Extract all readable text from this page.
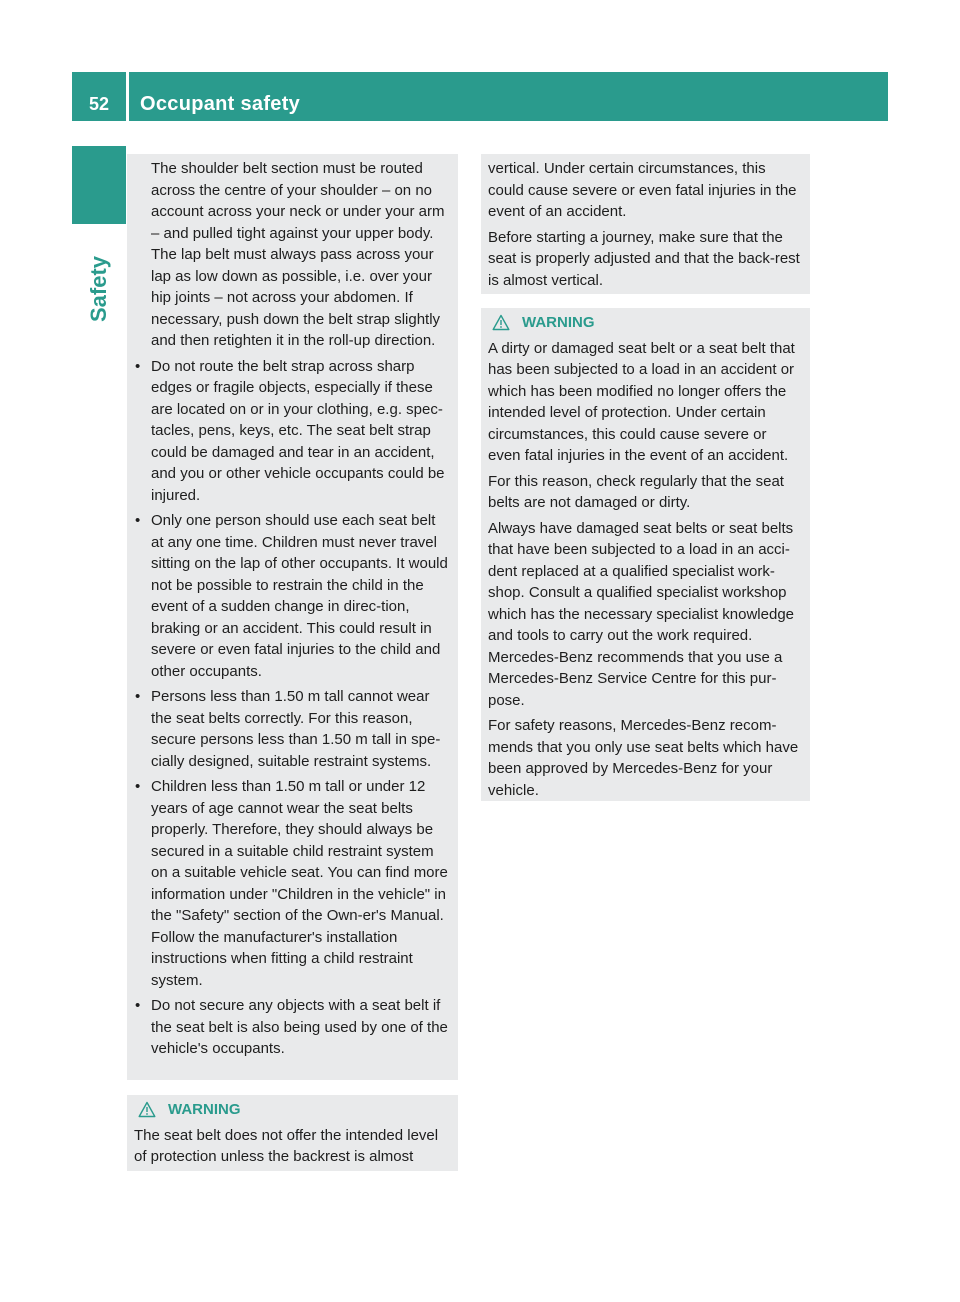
52	Occupant safety
Safety

The shoulder belt section must be routed across the centre of your shoulder – on no account across your neck or under your arm – and pulled tight against your upper body. The lap belt must always pass across your lap as low down as possible, i.e. over your hip joints – not across your abdomen. If necessary, push down the belt strap slightly and then retighten it in the roll-up direction.

• Do not route the belt strap across sharp edges or fragile objects, especially if these are located on or in your clothing, e.g. spec-tacles, pens, keys, etc. The seat belt strap could be damaged and tear in an accident, and you or other vehicle occupants could be injured.
• Only one person should use each seat belt at any one time. Children must never travel sitting on the lap of other occupants. It would not be possible to restrain the child in the event of a sudden change in direc-tion, braking or an accident. This could result in severe or even fatal injuries to the child and other occupants.
• Persons less than 1.50 m tall cannot wear the seat belts correctly. For this reason, secure persons less than 1.50 m tall in spe-cially designed, suitable restraint systems.
• Children less than 1.50 m tall or under 12 years of age cannot wear the seat belts properly. Therefore, they should always be secured in a suitable child restraint system on a suitable vehicle seat. You can find more information under "Children in the vehicle" in the "Safety" section of the Own-er's Manual. Follow the manufacturer's installation instructions when fitting a child restraint system.
• Do not secure any objects with a seat belt if the seat belt is also being used by one of the vehicle's occupants.
WARNING

The seat belt does not offer the intended level of protection unless the backrest is almost

vertical. Under certain circumstances, this could cause severe or even fatal injuries in the event of an accident.

Before starting a journey, make sure that the seat is properly adjusted and that the back-rest is almost vertical.

WARNING

A dirty or damaged seat belt or a seat belt that has been subjected to a load in an accident or which has been modified no longer offers the intended level of protection. Under certain circumstances, this could cause severe or even fatal injuries in the event of an accident.

For this reason, check regularly that the seat belts are not damaged or dirty.

Always have damaged seat belts or seat belts that have been subjected to a load in an acci-dent replaced at a qualified specialist work-shop. Consult a qualified specialist workshop which has the necessary specialist knowledge and tools to carry out the work required. Mercedes-Benz recommends that you use a Mercedes-Benz Service Centre for this pur-pose.

For safety reasons, Mercedes-Benz recom-mends that you only use seat belts which have been approved by Mercedes-Benz for your vehicle.
